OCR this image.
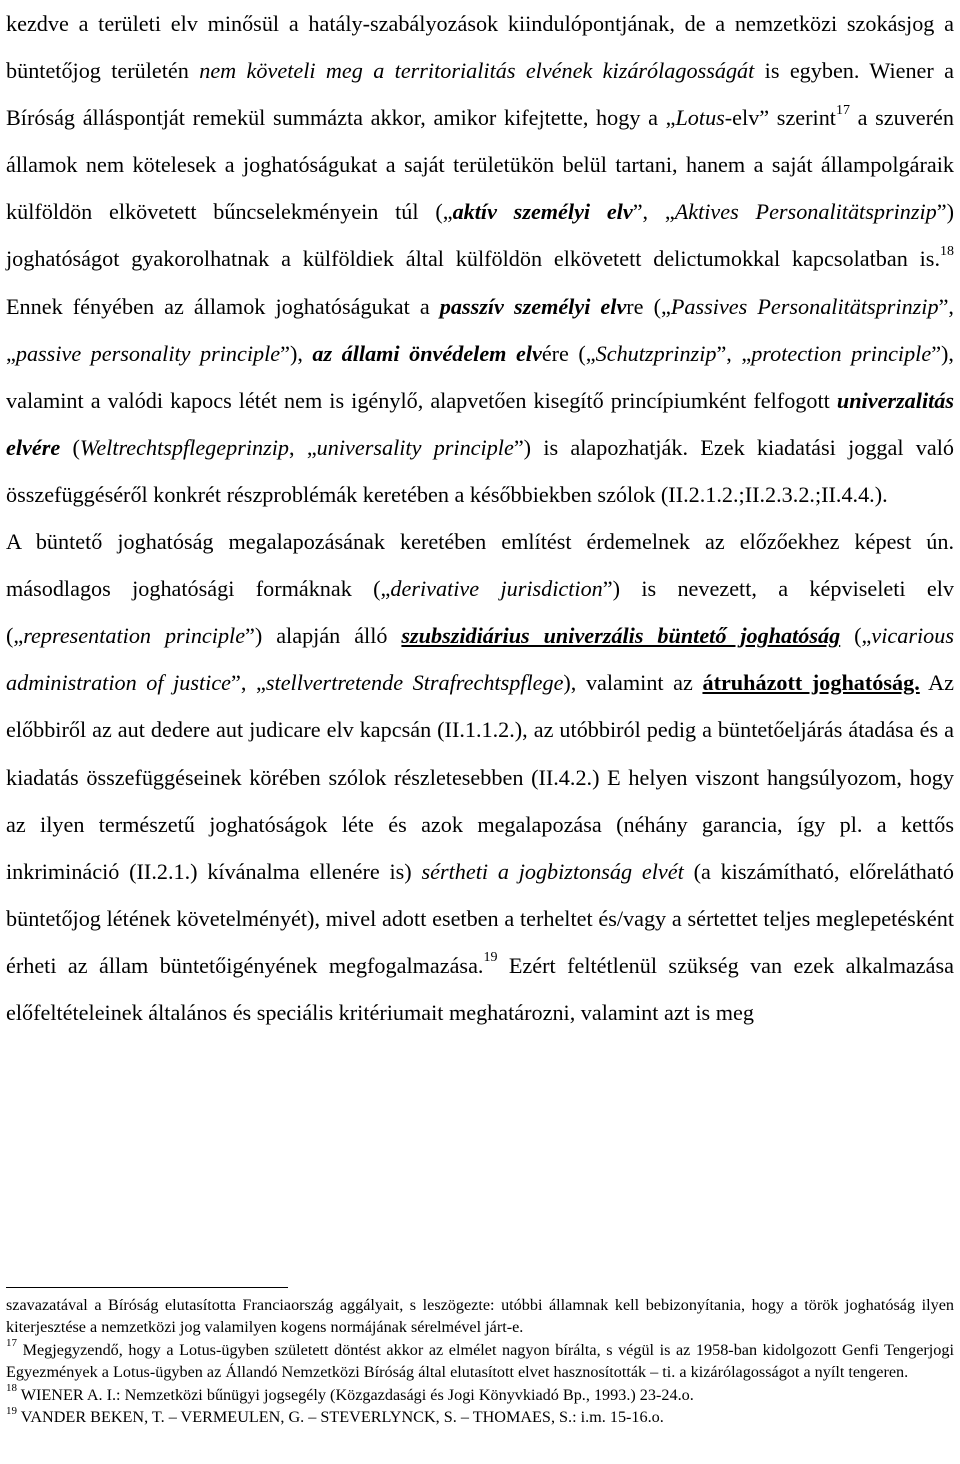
kezdve a területi elv minősül a hatály-szabályozások kiindulópontjának, de a nemzetközi szokásjog a büntetőjog területén nem követeli meg a territorialitás elvének kizárólagosságát is egyben. Wiener a Bíróság álláspontját remekül summázta akkor, amikor kifejtette, hogy a „Lotus-elv” szerint$^{17}$ a szuverén államok nem kötelesek a joghatóságukat a saját területükön belül tartani, hanem a saját állampolgáraik külföldön elkövetett bűncselekményein túl („aktív személyi elv”, „Aktives Personalitätsprinzip”) joghatóságot gyakorolhatnak a külföldiek által külföldön elkövetett delictumokkal kapcsolatban is.$^{18}$ Ennek fényében az államok joghatóságukat a passzív személyi elvre („Passives Personalitätsprinzip”, „passive personality principle”), az állami önvédelem elvére („Schutzprinzip”, „protection principle”), valamint a valódi kapocs létét nem is igénylő, alapvetően kisegítő princípiumként felfogott univerzalitás elvére (Weltrechtspflegeprinzip, „universality principle”) is alapozhatják. Ezek kiadatási joggal való összefüggéséről konkrét részproblémák keretében a későbbiekben szólok (II.2.1.2.;II.2.3.2.;II.4.4.).

A büntető joghatóság megalapozásának keretében említést érdemelnek az előzőekhez képest ún. másodlagos joghatósági formáknak („derivative jurisdiction”) is nevezett, a képviseleti elv („representation principle”) alapján álló szubszidiárius univerzális büntető joghatóság („vicarious administration of justice”, „stellvertretende Strafrechtspflege), valamint az átruházott joghatóság. Az előbbiről az aut dedere aut judicare elv kapcsán (II.1.1.2.), az utóbbiról pedig a büntetőeljárás átadása és a kiadatás összefüggéseinek körében szólok részletesebben (II.4.2.) E helyen viszont hangsúlyozom, hogy az ilyen természetű joghatóságok léte és azok megalapozása (néhány garancia, így pl. a kettős inkrimináció (II.2.1.) kívánalma ellenére is) sértheti a jogbiztonság elvét (a kiszámítható, előrelátható büntetőjog létének követelményét), mivel adott esetben a terheltet és/vagy a sértettet teljes meglepetésként érheti az állam büntetőigényének megfogalmazása.$^{19}$ Ezért feltétlenül szükség van ezek alkalmazása előfeltételeinek általános és speciális kritériumait meghatározni, valamint azt is meg

szavazatával a Bíróság elutasította Franciaország aggályait, s leszögezte: utóbbi államnak kell bebizonyítania, hogy a török joghatóság ilyen kiterjesztése a nemzetközi jog valamilyen kogens normájának sérelmével járt-e.

$^{17}$ Megjegyzendő, hogy a Lotus-ügyben született döntést akkor az elmélet nagyon bírálta, s végül is az 1958-ban kidolgozott Genfi Tengerjogi Egyezmények a Lotus-ügyben az Állandó Nemzetközi Bíróság által elutasított elvet hasznosították – ti. a kizárólagosságot a nyílt tengeren.

$^{18}$ WIENER A. I.: Nemzetközi bűnügyi jogsegély (Közgazdasági és Jogi Könyvkiadó Bp., 1993.) 23-24.o.

$^{19}$ VANDER BEKEN, T. – VERMEULEN, G. – STEVERLYNCK, S. – THOMAES, S.: i.m. 15-16.o.
